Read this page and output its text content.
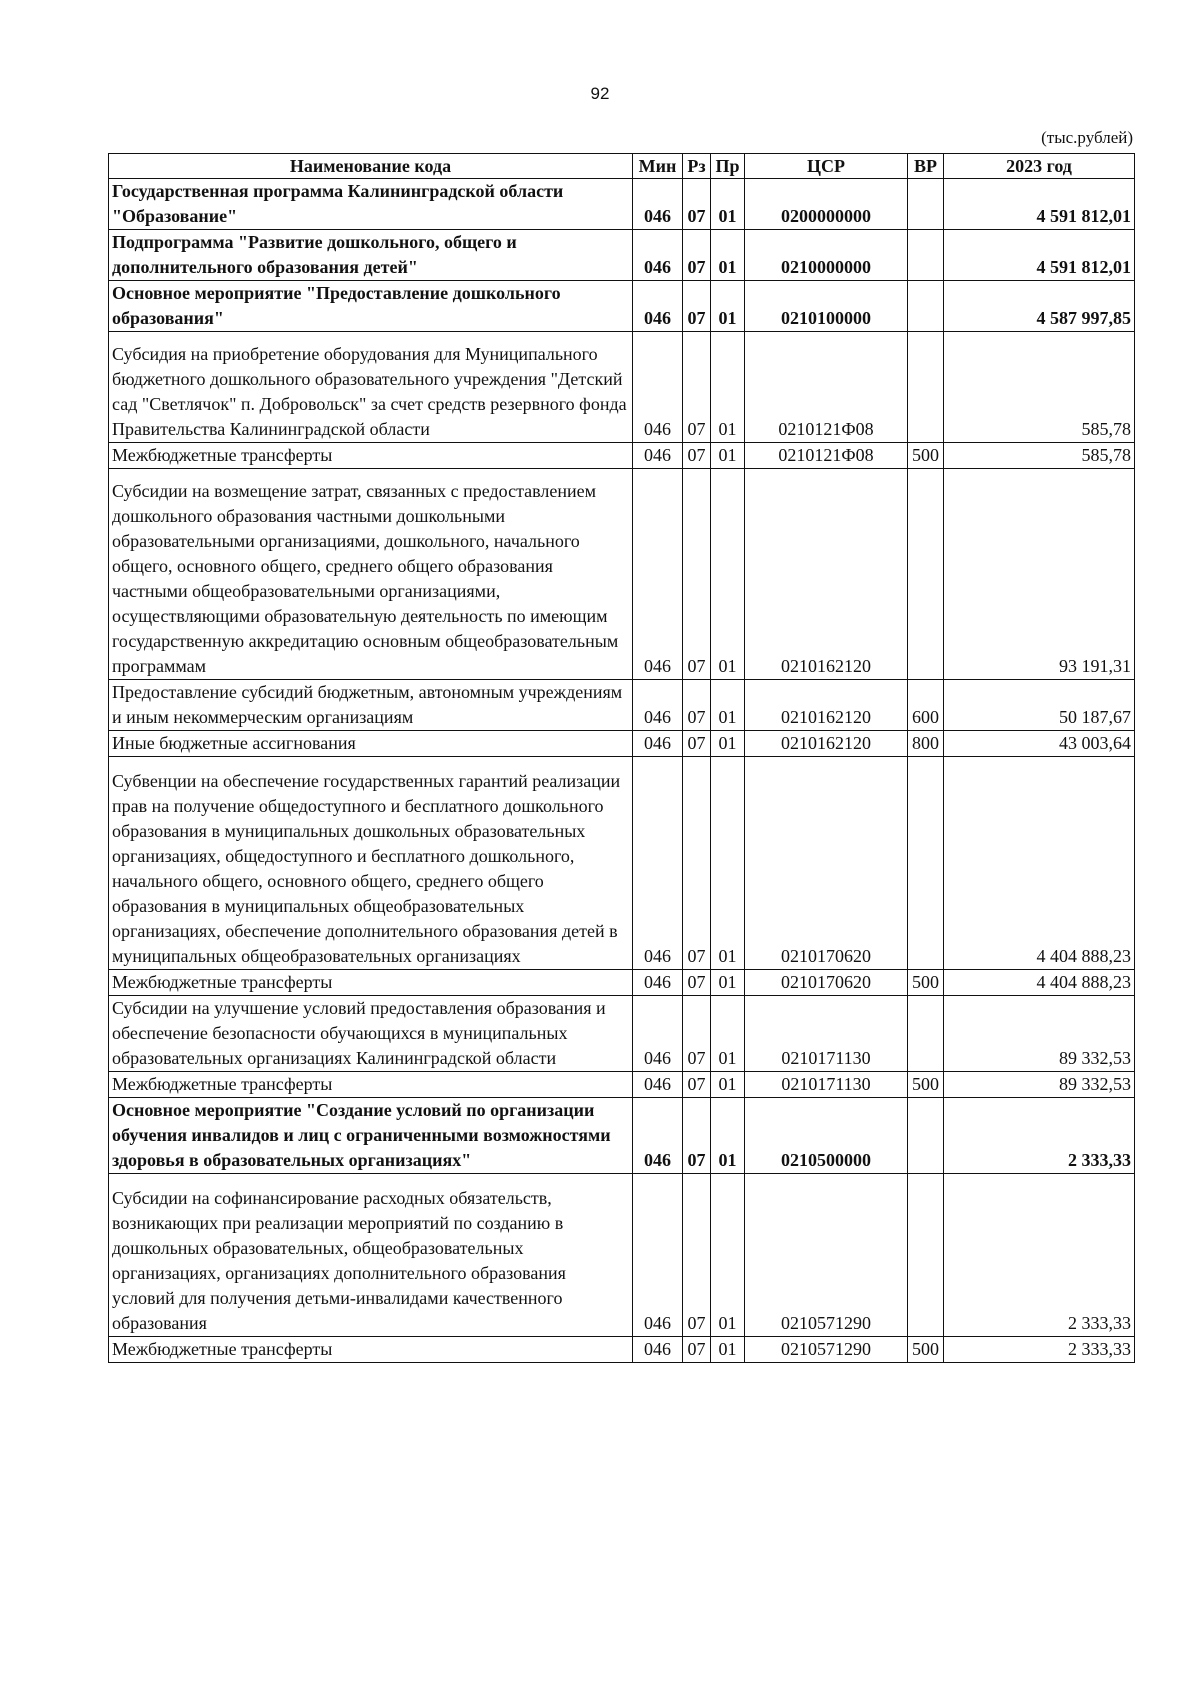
92
(тыс.рублей)
Наименование кода	Мин	Рз	Пр	ЦСР	ВР	2023 год
Государственная программа Калининградской области "Образование"	046	07	01	0200000000		4 591 812,01
Подпрограмма "Развитие дошкольного, общего и дополнительного образования детей"	046	07	01	0210000000		4 591 812,01
Основное мероприятие "Предоставление дошкольного образования"	046	07	01	0210100000		4 587 997,85
Субсидия на приобретение оборудования для Муниципального бюджетного дошкольного образовательного учреждения "Детский сад "Светлячок" п. Добровольск" за счет средств резервного фонда Правительства Калининградской области	046	07	01	0210121Ф08		585,78
Межбюджетные трансферты	046	07	01	0210121Ф08	500	585,78
Субсидии на возмещение затрат, связанных с предоставлением дошкольного образования частными дошкольными образовательными организациями, дошкольного, начального общего, основного общего, среднего общего образования частными общеобразовательными организациями, осуществляющими образовательную деятельность по имеющим государственную аккредитацию основным общеобразовательным программам	046	07	01	0210162120		93 191,31
Предоставление субсидий бюджетным, автономным учреждениям и иным некоммерческим организациям	046	07	01	0210162120	600	50 187,67
Иные бюджетные ассигнования	046	07	01	0210162120	800	43 003,64
Субвенции на обеспечение государственных гарантий реализации прав на получение общедоступного и бесплатного дошкольного образования в муниципальных дошкольных образовательных организациях, общедоступного и бесплатного дошкольного, начального общего, основного общего, среднего общего образования в муниципальных общеобразовательных организациях, обеспечение дополнительного образования детей в муниципальных общеобразовательных организациях	046	07	01	0210170620		4 404 888,23
Межбюджетные трансферты	046	07	01	0210170620	500	4 404 888,23
Субсидии на улучшение условий предоставления образования и обеспечение безопасности обучающихся в муниципальных образовательных организациях Калининградской области	046	07	01	0210171130		89 332,53
Межбюджетные трансферты	046	07	01	0210171130	500	89 332,53
Основное мероприятие "Создание условий по организации обучения инвалидов и лиц с ограниченными возможностями здоровья в образовательных организациях"	046	07	01	0210500000		2 333,33
Субсидии на софинансирование расходных обязательств, возникающих при реализации мероприятий по созданию в дошкольных образовательных, общеобразовательных организациях, организациях дополнительного образования условий для получения детьми-инвалидами качественного образования	046	07	01	0210571290		2 333,33
Межбюджетные трансферты	046	07	01	0210571290	500	2 333,33
